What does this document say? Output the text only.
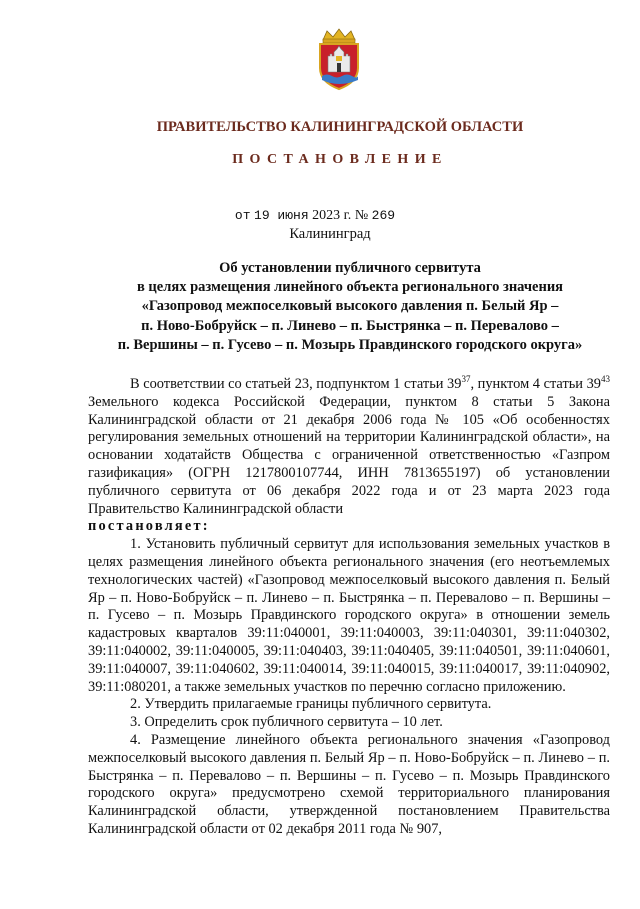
ПРАВИТЕЛЬСТВО КАЛИНИНГРАДСКОЙ ОБЛАСТИ
ПОСТАНОВЛЕНИЕ
от 19 июня 2023 г. № 269
Калининград
Об установлении публичного сервитута
в целях размещения линейного объекта регионального значения
«Газопровод межпоселковый высокого давления п. Белый Яр –
п. Ново-Бобруйск – п. Линево – п. Быстрянка – п. Перевалово –
п. Вершины – п. Гусево – п. Мозырь Правдинского городского округа»

В соответствии со статьей 23, подпунктом 1 статьи $39^{37}$, пунктом 4 статьи $39^{43}$ Земельного кодекса Российской Федерации, пунктом 8 статьи 5 Закона Калининградской области от 21 декабря 2006 года № 105 «Об особенностях регулирования земельных отношений на территории Калининградской области», на основании ходатайств Общества с ограниченной ответственностью «Газпром газификация» (ОГРН 1217800107744, ИНН 7813655197) об установлении публичного сервитута от 06 декабря 2022 года и от 23 марта 2023 года Правительство Калининградской области

постановляет:

1. Установить публичный сервитут для использования земельных участков в целях размещения линейного объекта регионального значения (его неотъемлемых технологических частей) «Газопровод межпоселковый высокого давления п. Белый Яр – п. Ново-Бобруйск – п. Линево – п. Быстрянка – п. Перевалово – п. Вершины – п. Гусево – п. Мозырь Правдинского городского округа» в отношении земель кадастровых кварталов 39:11:040001, 39:11:040003, 39:11:040301, 39:11:040302, 39:11:040002, 39:11:040005, 39:11:040403, 39:11:040405, 39:11:040501, 39:11:040601, 39:11:040007, 39:11:040602, 39:11:040014, 39:11:040015, 39:11:040017, 39:11:040902, 39:11:080201, а также земельных участков по перечню согласно приложению.

2. Утвердить прилагаемые границы публичного сервитута.

3. Определить срок публичного сервитута – 10 лет.

4. Размещение линейного объекта регионального значения «Газопровод межпоселковый высокого давления п. Белый Яр – п. Ново-Бобруйск – п. Линево – п. Быстрянка – п. Перевалово – п. Вершины – п. Гусево – п. Мозырь Правдинского городского округа» предусмотрено схемой территориального планирования Калининградской области, утвержденной постановлением Правительства Калининградской области от 02 декабря 2011 года № 907,
